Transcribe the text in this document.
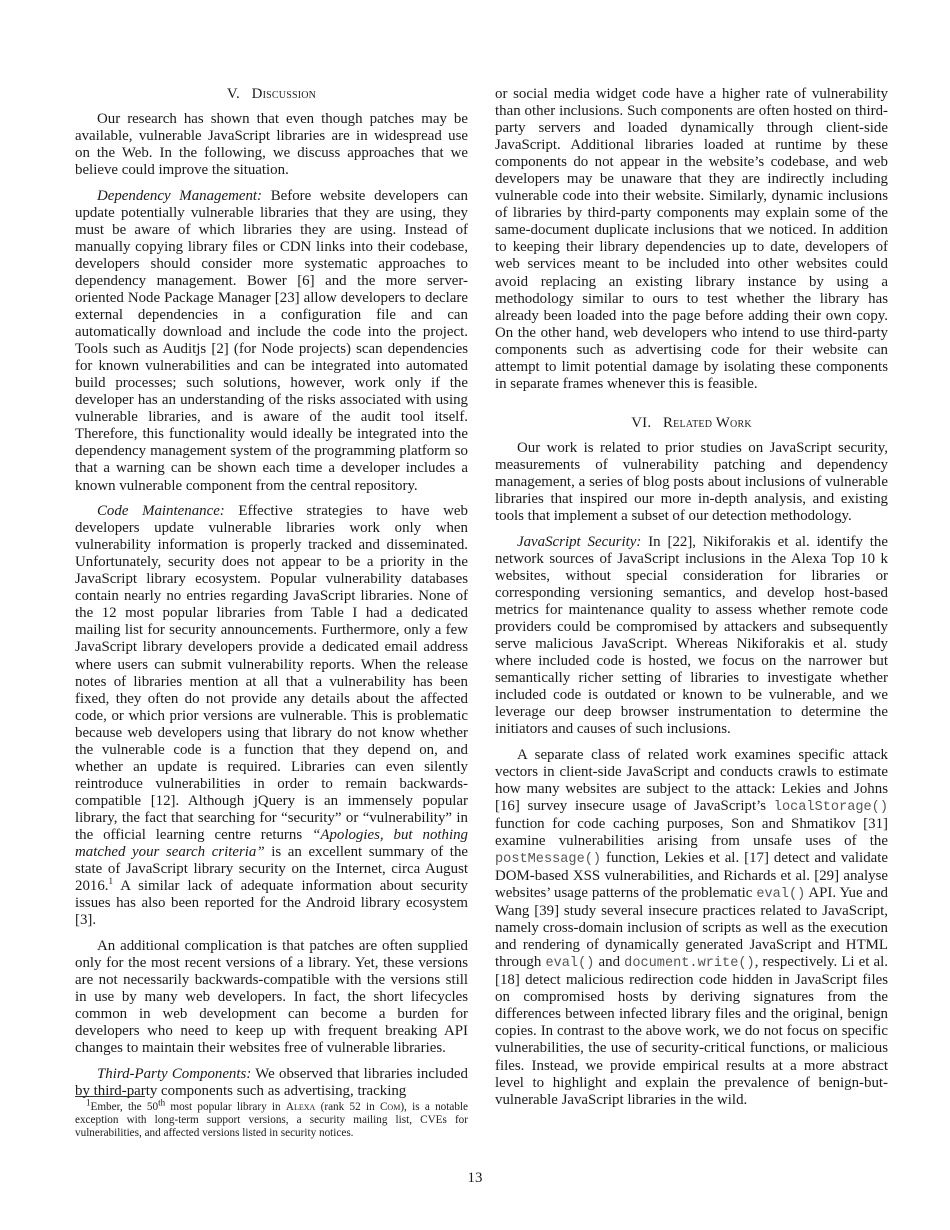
V. Discussion

Our research has shown that even though patches may be available, vulnerable JavaScript libraries are in widespread use on the Web. In the following, we discuss approaches that we believe could improve the situation.

Dependency Management: Before website developers can update potentially vulnerable libraries that they are using, they must be aware of which libraries they are using. Instead of manually copying library files or CDN links into their codebase, developers should consider more systematic approaches to dependency management. Bower [6] and the more server-oriented Node Package Manager [23] allow developers to declare external dependencies in a configuration file and can automatically download and include the code into the project. Tools such as Auditjs [2] (for Node projects) scan dependencies for known vulnerabilities and can be integrated into automated build processes; such solutions, however, work only if the developer has an understanding of the risks associated with using vulnerable libraries, and is aware of the audit tool itself. Therefore, this functionality would ideally be integrated into the dependency management system of the programming platform so that a warning can be shown each time a developer includes a known vulnerable component from the central repository.

Code Maintenance: Effective strategies to have web developers update vulnerable libraries work only when vulnerability information is properly tracked and disseminated. Unfortunately, security does not appear to be a priority in the JavaScript library ecosystem. Popular vulnerability databases contain nearly no entries regarding JavaScript libraries. None of the 12 most popular libraries from Table I had a dedicated mailing list for security announcements. Furthermore, only a few JavaScript library developers provide a dedicated email address where users can submit vulnerability reports. When the release notes of libraries mention at all that a vulnerability has been fixed, they often do not provide any details about the affected code, or which prior versions are vulnerable. This is problematic because web developers using that library do not know whether the vulnerable code is a function that they depend on, and whether an update is required. Libraries can even silently reintroduce vulnerabilities in order to remain backwards-compatible [12]. Although jQuery is an immensely popular library, the fact that searching for “security” or “vulnerability” in the official learning centre returns “Apologies, but nothing matched your search criteria” is an excellent summary of the state of JavaScript library security on the Internet, circa August 2016.$^1$ A similar lack of adequate information about security issues has also been reported for the Android library ecosystem [3].

An additional complication is that patches are often supplied only for the most recent versions of a library. Yet, these versions are not necessarily backwards-compatible with the versions still in use by many web developers. In fact, the short lifecycles common in web development can become a burden for developers who need to keep up with frequent breaking API changes to maintain their websites free of vulnerable libraries.

Third-Party Components: We observed that libraries included by third-party components such as advertising, tracking

or social media widget code have a higher rate of vulnerability than other inclusions. Such components are often hosted on third-party servers and loaded dynamically through client-side JavaScript. Additional libraries loaded at runtime by these components do not appear in the website’s codebase, and web developers may be unaware that they are indirectly including vulnerable code into their website. Similarly, dynamic inclusions of libraries by third-party components may explain some of the same-document duplicate inclusions that we noticed. In addition to keeping their library dependencies up to date, developers of web services meant to be included into other websites could avoid replacing an existing library instance by using a methodology similar to ours to test whether the library has already been loaded into the page before adding their own copy. On the other hand, web developers who intend to use third-party components such as advertising code for their website can attempt to limit potential damage by isolating these components in separate frames whenever this is feasible.

VI. Related Work

Our work is related to prior studies on JavaScript security, measurements of vulnerability patching and dependency management, a series of blog posts about inclusions of vulnerable libraries that inspired our more in-depth analysis, and existing tools that implement a subset of our detection methodology.

JavaScript Security: In [22], Nikiforakis et al. identify the network sources of JavaScript inclusions in the Alexa Top 10 k websites, without special consideration for libraries or corresponding versioning semantics, and develop host-based metrics for maintenance quality to assess whether remote code providers could be compromised by attackers and subsequently serve malicious JavaScript. Whereas Nikiforakis et al. study where included code is hosted, we focus on the narrower but semantically richer setting of libraries to investigate whether included code is outdated or known to be vulnerable, and we leverage our deep browser instrumentation to determine the initiators and causes of such inclusions.

A separate class of related work examines specific attack vectors in client-side JavaScript and conducts crawls to estimate how many websites are subject to the attack: Lekies and Johns [16] survey insecure usage of JavaScript’s localStorage() function for code caching purposes, Son and Shmatikov [31] examine vulnerabilities arising from unsafe uses of the postMessage() function, Lekies et al. [17] detect and validate DOM-based XSS vulnerabilities, and Richards et al. [29] analyse websites’ usage patterns of the problematic eval() API. Yue and Wang [39] study several insecure practices related to JavaScript, namely cross-domain inclusion of scripts as well as the execution and rendering of dynamically generated JavaScript and HTML through eval() and document.write(), respectively. Li et al. [18] detect malicious redirection code hidden in JavaScript files on compromised hosts by deriving signatures from the differences between infected library files and the original, benign copies. In contrast to the above work, we do not focus on specific vulnerabilities, the use of security-critical functions, or malicious files. Instead, we provide empirical results at a more abstract level to highlight and explain the prevalence of benign-but-vulnerable JavaScript libraries in the wild.

$^1$Ember, the 50th most popular library in Alexa (rank 52 in Com), is a notable exception with long-term support versions, a security mailing list, CVEs for vulnerabilities, and affected versions listed in security notices.
13
